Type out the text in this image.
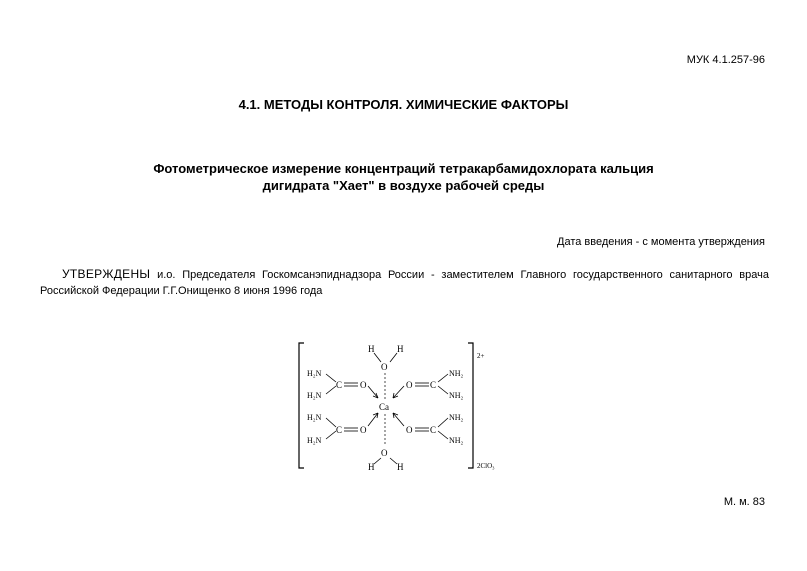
МУК 4.1.257-96
4.1. МЕТОДЫ КОНТРОЛЯ. ХИМИЧЕСКИЕ ФАКТОРЫ
Фотометрическое измерение концентраций тетракарбамидохлората кальция
дигидрата "Хает" в воздухе рабочей среды
Дата введения - с момента утверждения
УТВЕРЖДЕНЫ и.о. Председателя Госкомсанэпиднадзора России - заместителем Главного государственного санитарного врача Российской Федерации Г.Г.Онищенко 8 июня 1996 года
H	H
O
H₂N
H₂N
C O
H₂N
H₂N
C O
Ca
O C
NH₂
NH₂
O C
NH₂
NH₂
O
H	H
2+
2ClO₃
М. м. 83
